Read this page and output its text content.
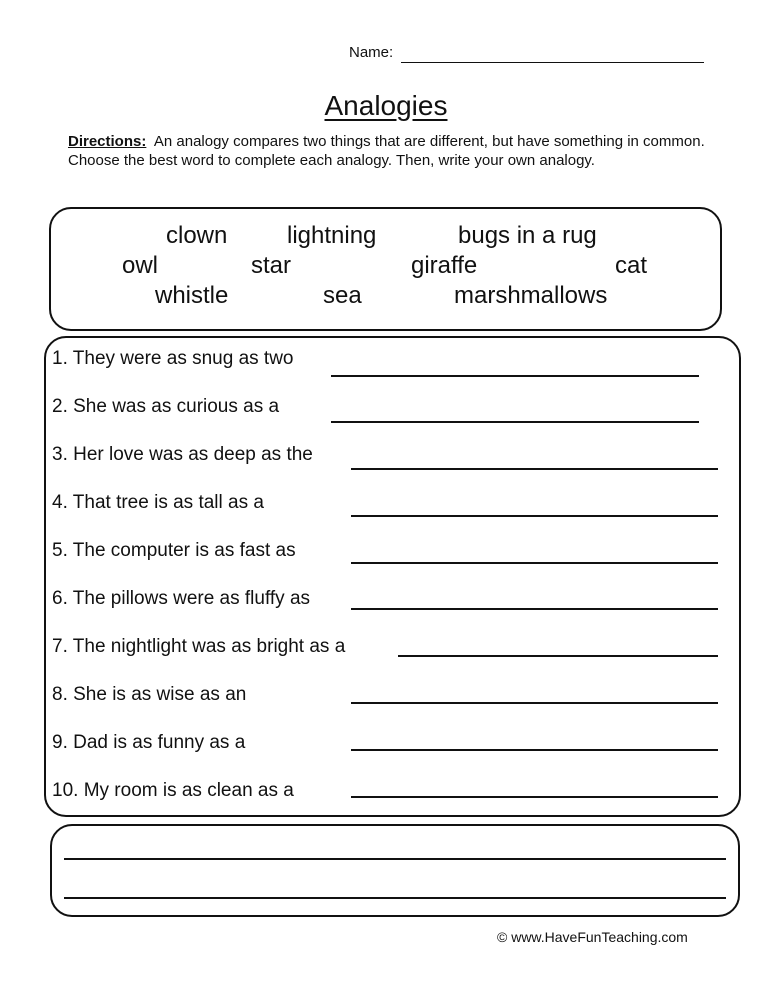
Name:
Analogies
Directions: An analogy compares two things that are different, but have something in common.
Choose the best word to complete each analogy. Then, write your own analogy.
clown lightning	bugs in a rug
owl	star	giraffe	cat
whistle	sea	marshmallows
1. They were as snug as two
2. She was as curious as a
3. Her love was as deep as the
4. That tree is as tall as a
5. The computer is as fast as
6. The pillows were as fluffy as
7. The nightlight was as bright as a
8. She is as wise as an
9. Dad is as funny as a
10. My room is as clean as a
© www.HaveFunTeaching.com
